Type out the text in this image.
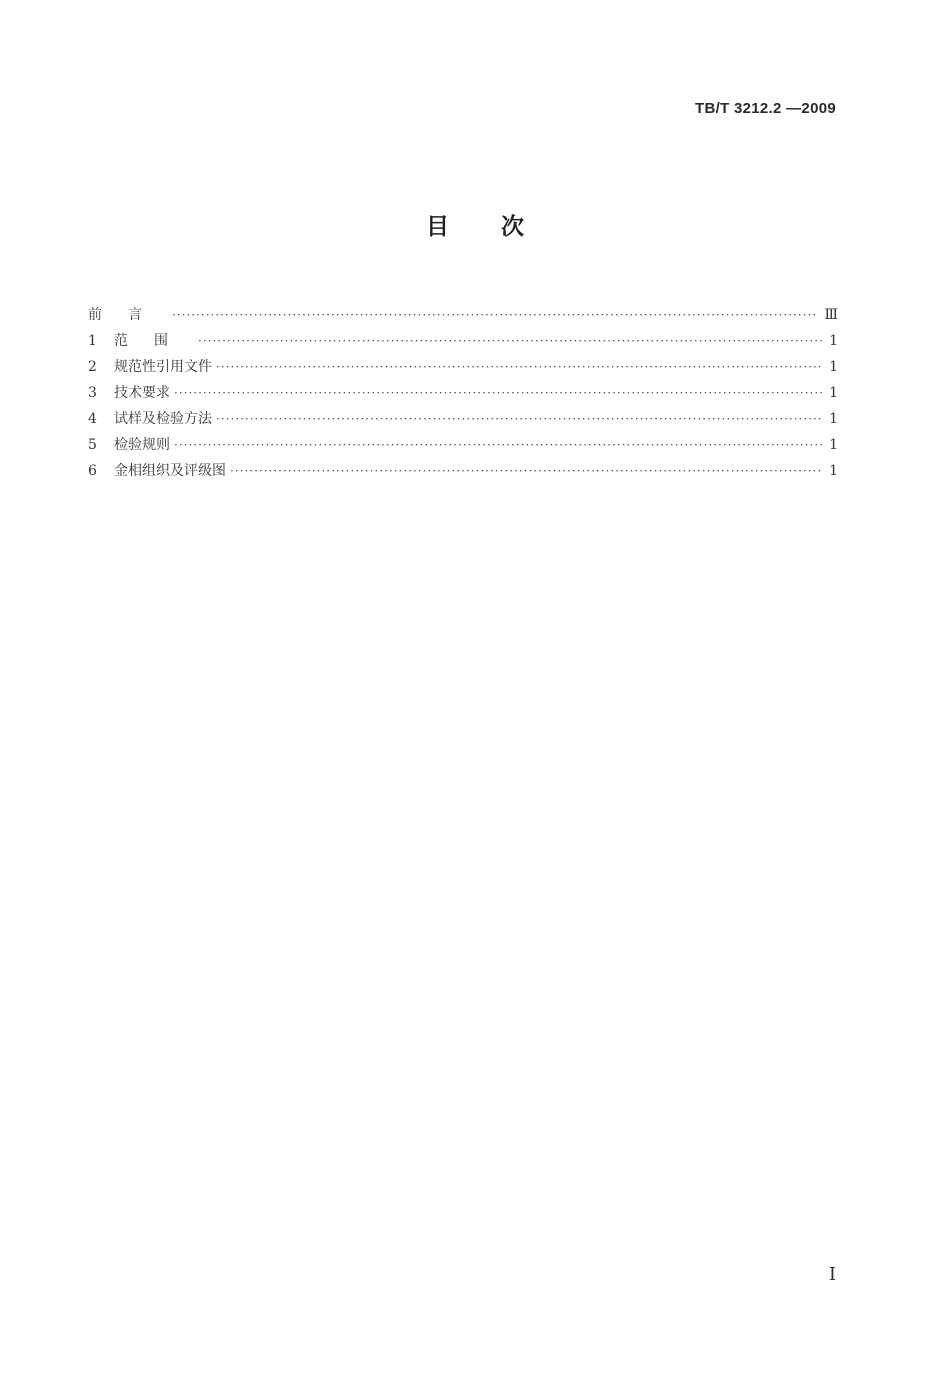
TB/T 3212.2 —2009
目次
前言 ·····	Ⅲ
1	范围 ·····	1
2	规范性引用文件 ·····	1
3	技术要求 ·····	1
4	试样及检验方法 ·····	1
5	检验规则 ·····	1
6	金相组织及评级图 ·····	1
Ⅰ
